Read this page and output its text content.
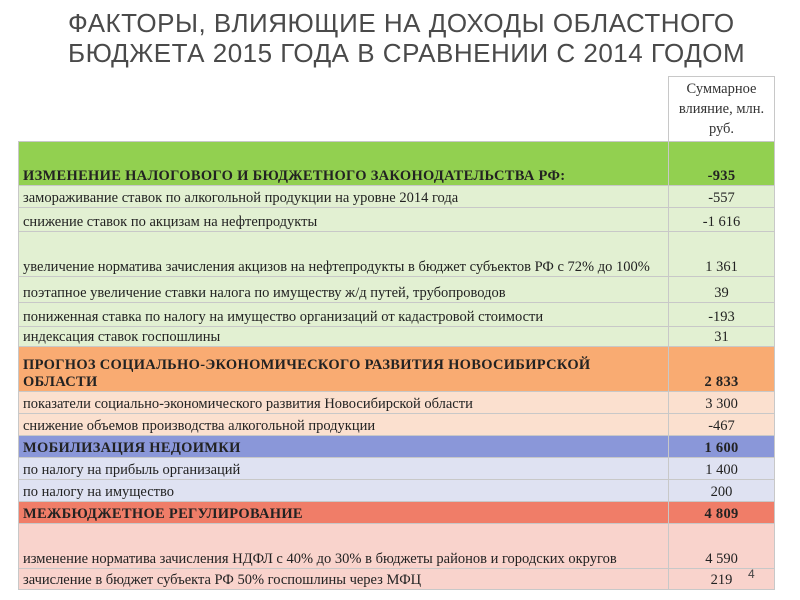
ФАКТОРЫ, ВЛИЯЮЩИЕ НА ДОХОДЫ ОБЛАСТНОГО БЮДЖЕТА 2015 ГОДА В СРАВНЕНИИ С 2014 ГОДОМ
	Суммарное влияние, млн. руб.
ИЗМЕНЕНИЕ НАЛОГОВОГО И БЮДЖЕТНОГО ЗАКОНОДАТЕЛЬСТВА РФ:	-935
замораживание ставок по алкогольной продукции на уровне 2014 года	-557
снижение ставок по акцизам на нефтепродукты	-1 616
увеличение норматива зачисления акцизов на нефтепродукты в бюджет субъектов РФ с 72% до 100%	1 361
поэтапное увеличение ставки налога по имуществу ж/д путей, трубопроводов	39
пониженная ставка по налогу на имущество организаций от кадастровой стоимости	-193
индексация ставок госпошлины	31
ПРОГНОЗ СОЦИАЛЬНО-ЭКОНОМИЧЕСКОГО РАЗВИТИЯ НОВОСИБИРСКОЙ ОБЛАСТИ	2 833
показатели социально-экономического развития Новосибирской области	3 300
снижение объемов производства алкогольной продукции	-467
МОБИЛИЗАЦИЯ НЕДОИМКИ	1 600
по налогу на прибыль организаций	1 400
по налогу на имущество	200
МЕЖБЮДЖЕТНОЕ РЕГУЛИРОВАНИЕ	4 809
изменение норматива зачисления НДФЛ с 40% до 30% в бюджеты районов и городских округов	4 590
зачисление в бюджет субъекта РФ 50% госпошлины через МФЦ	219 4
